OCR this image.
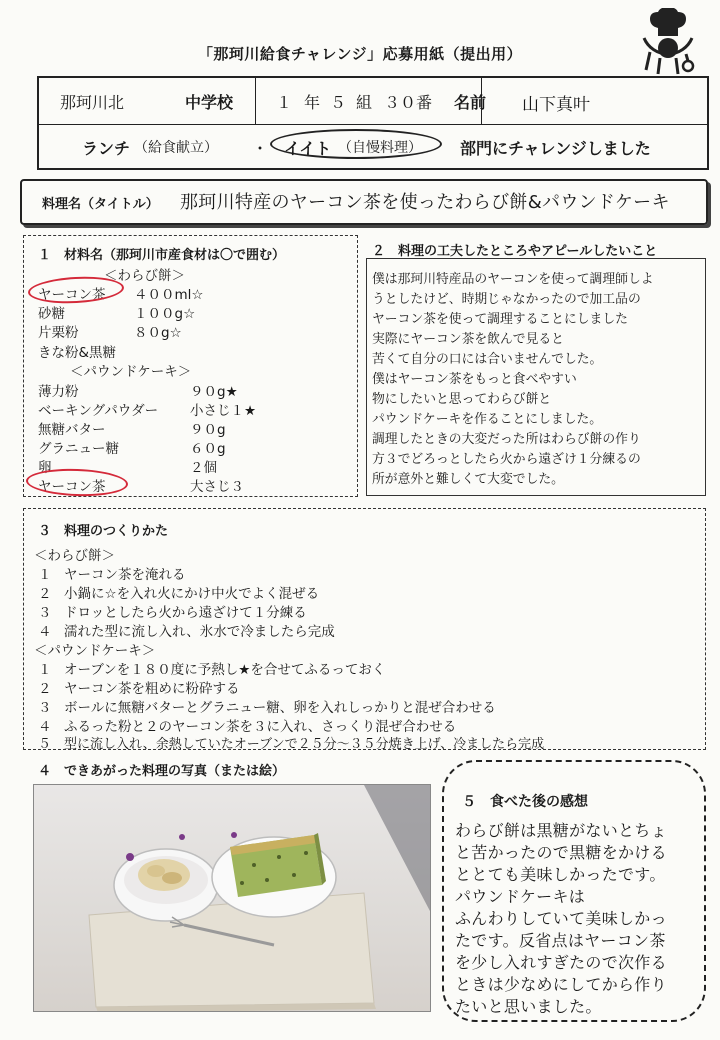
「那珂川給食チャレンジ」応募用紙（提出用）
那珂川北	中学校	１ 年 ５ 組 ３０番 名前 山下真叶
ランチ （給食献立） ・ イイト （自慢料理） 部門にチャレンジしました
料理名（タイトル） 那珂川特産のヤーコン茶を使ったわらび餅&パウンドケーキ
１　材料名（那珂川市産食材は〇で囲む）
＜わらび餅＞
ヤーコン茶 ４００ml☆
砂糖	１００g☆
片栗粉	８０g☆
きな粉&黒糖
＜パウンドケーキ＞
薄力粉	９０g★
ベーキングパウダー 小さじ１★
無糖バター	９０g
グラニュー糖	６０g
卵	２個
ヤーコン茶	大さじ３
２　料理の工夫したところやアピールしたいこと
僕は那珂川特産品のヤーコンを使って調理師しよ
うとしたけど、時期じゃなかったので加工品の
ヤーコン茶を使って調理することにしました
実際にヤーコン茶を飲んで見ると
苦くて自分の口には合いませんでした。
僕はヤーコン茶をもっと食べやすい
物にしたいと思ってわらび餅と
パウンドケーキを作ることにしました。
調理したときの大変だった所はわらび餅の作り
方３でどろっとしたら火から遠ざけ１分練るの
所が意外と難しくて大変でした。
３　料理のつくりかた
＜わらび餅＞
１ ヤーコン茶を淹れる
２ 小鍋に☆を入れ火にかけ中火でよく混ぜる
３ ドロッとしたら火から遠ざけて１分練る
４ 濡れた型に流し入れ、氷水で冷ましたら完成
＜パウンドケーキ＞
１ オーブンを１８０度に予熱し★を合せてふるっておく
２ ヤーコン茶を粗めに粉砕する
３ ボールに無糖バターとグラニュー糖、卵を入れしっかりと混ぜ合わせる
４ ふるった粉と２のヤーコン茶を３に入れ、さっくり混ぜ合わせる
５ 型に流し入れ、余熱していたオーブンで２５分～３５分焼き上げ、冷ましたら完成
４　できあがった料理の写真（または絵）
５　食べた後の感想
わらび餅は黒糖がないとちょ
と苦かったので黒糖をかける
ととても美味しかったです。
パウンドケーキは
ふんわりしていて美味しかっ
たです。反省点はヤーコン茶
を少し入れすぎたので次作る
ときは少なめにしてから作り
たいと思いました。
